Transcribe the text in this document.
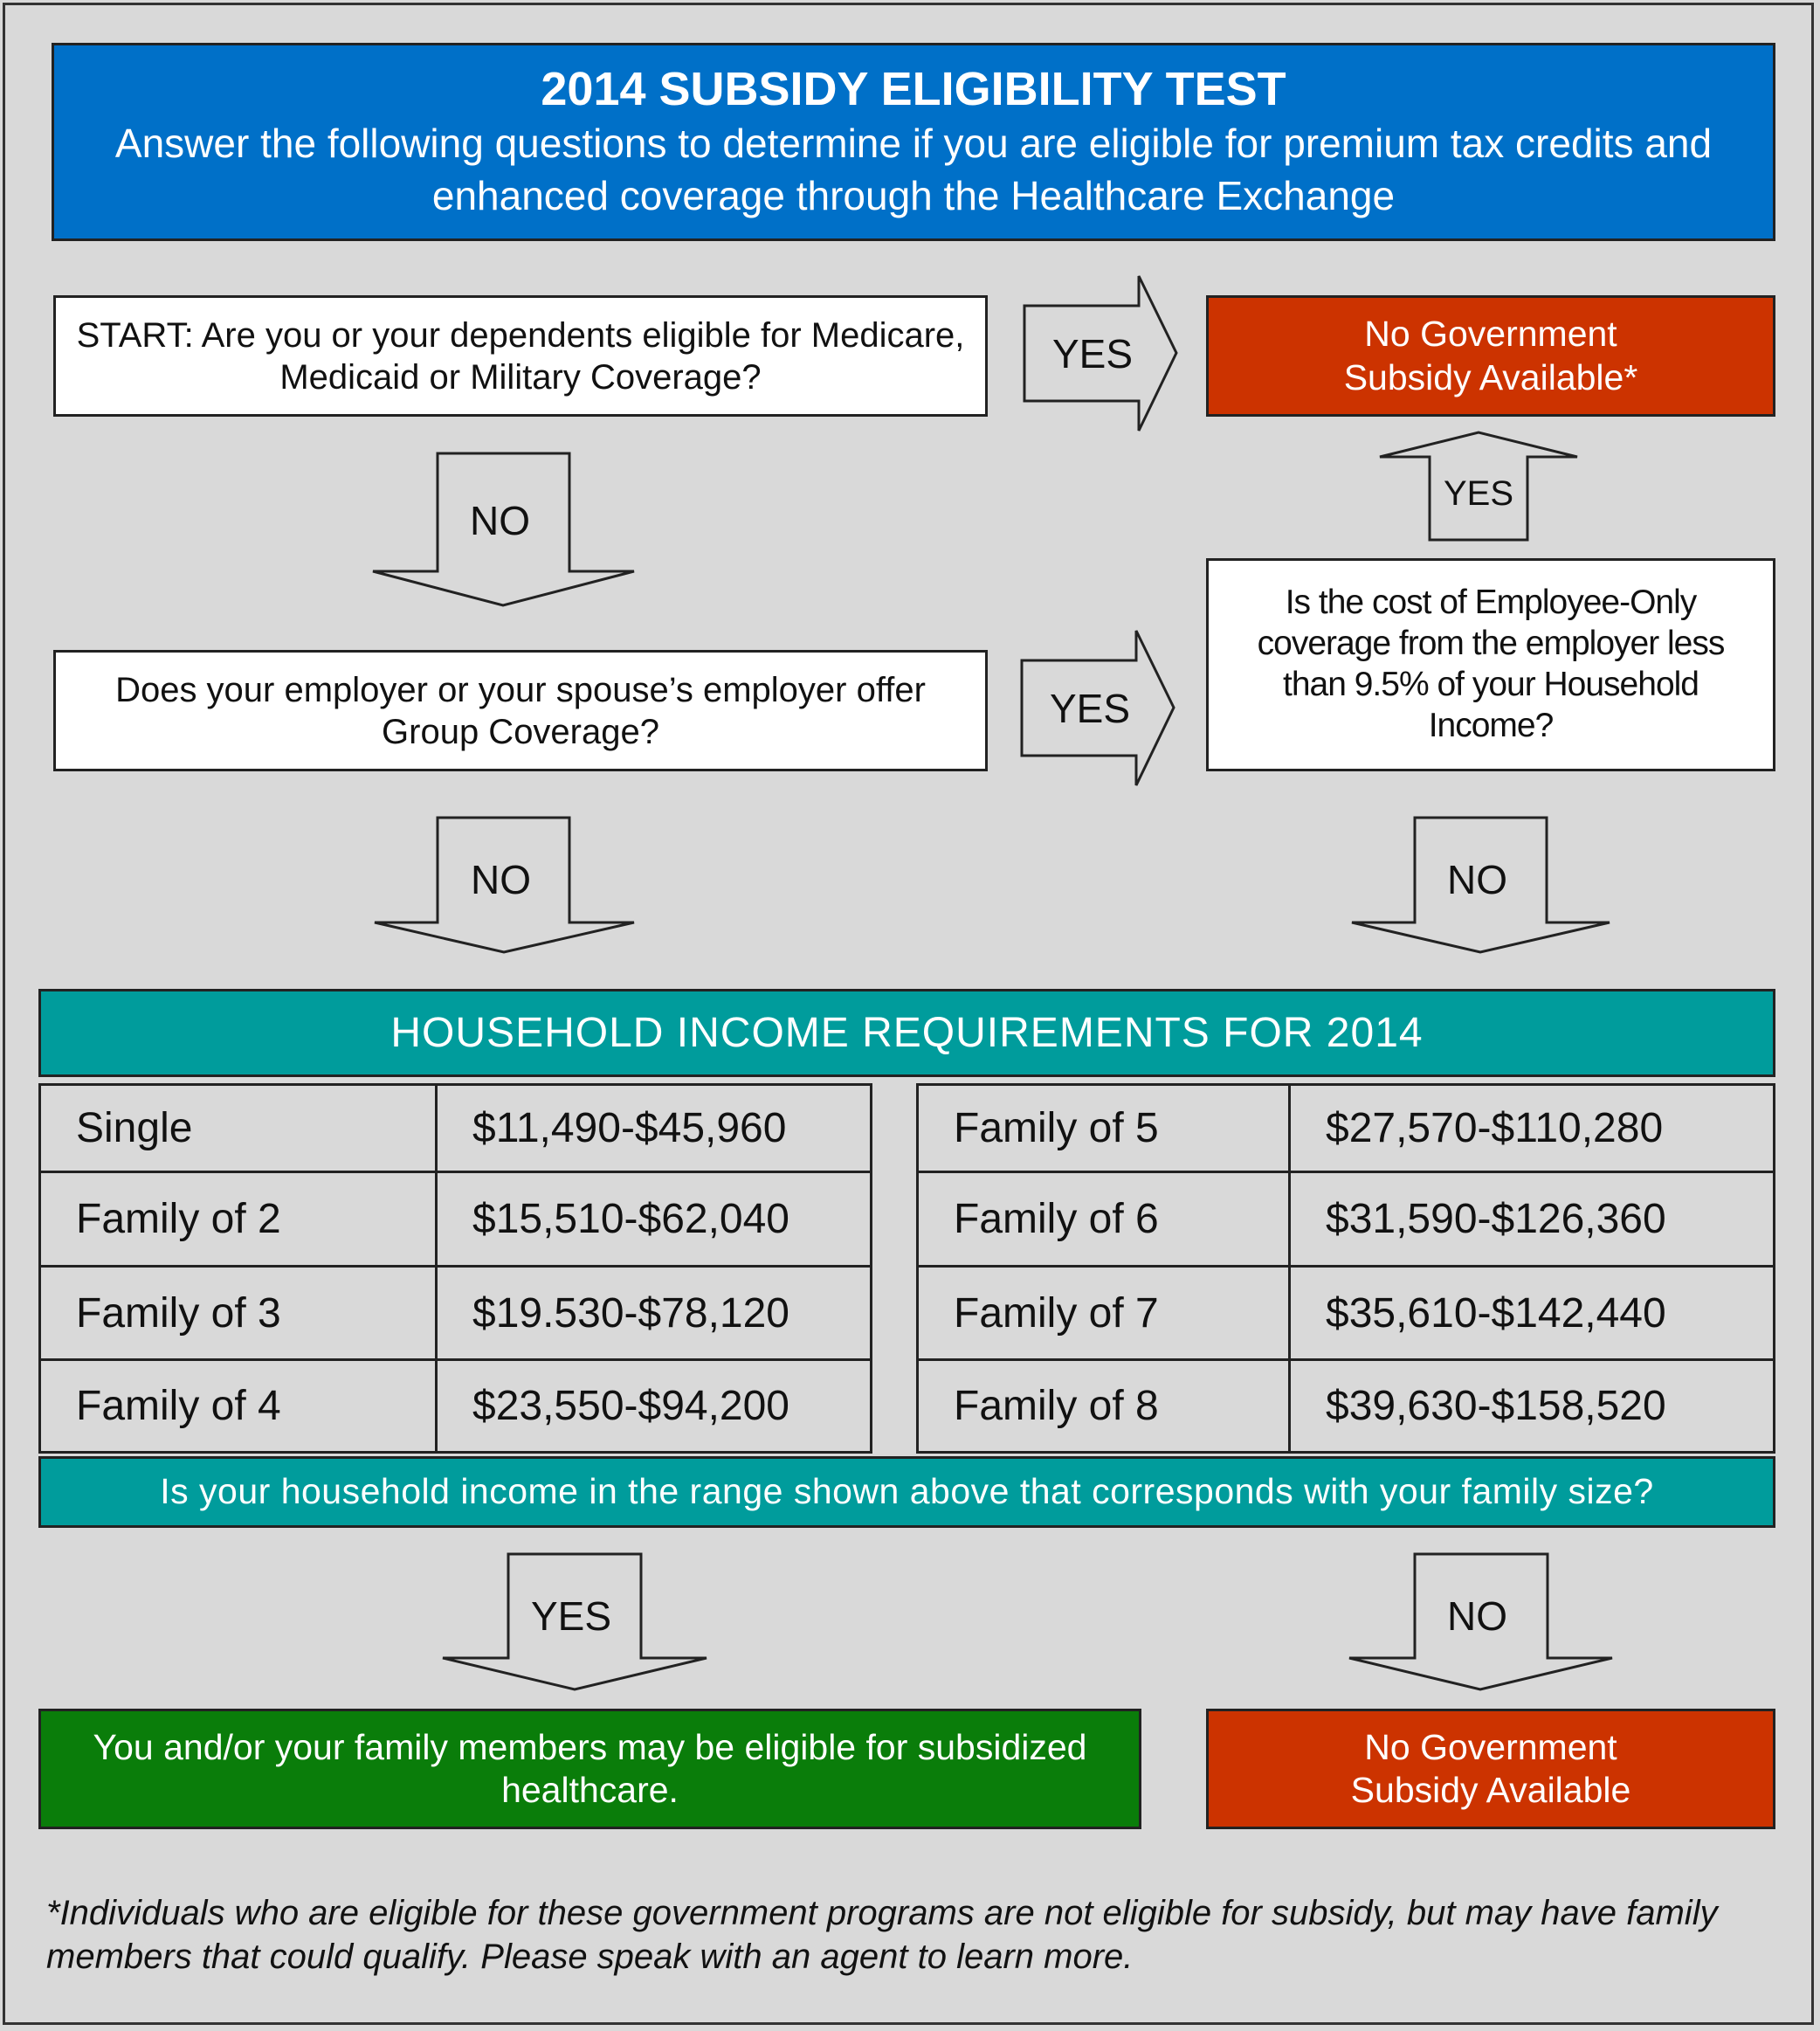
2014 SUBSIDY ELIGIBILITY TEST
Answer the following questions to determine if you are eligible for premium tax credits and enhanced coverage through the Healthcare Exchange
START: Are you or your dependents eligible for Medicare, Medicaid or Military Coverage?
No Government Subsidy Available*
Does your employer or your spouse’s employer offer Group Coverage?
Is the cost of Employee-Only coverage from the employer less than 9.5% of your Household Income?
YES
YES
YES
NO
NO	NO
HOUSEHOLD INCOME REQUIREMENTS FOR 2014
Single	$11,490-$45,960
Family of 2	$15,510-$62,040
Family of 3	$19.530-$78,120
Family of 4	$23,550-$94,200
Family of 5	$27,570-$110,280
Family of 6	$31,590-$126,360
Family of 7	$35,610-$142,440
Family of 8	$39,630-$158,520
Is your household income in the range shown above that corresponds with your family size?
YES	NO
You and/or your family members may be eligible for subsidized healthcare.
No Government Subsidy Available
*Individuals who are eligible for these government programs are not eligible for subsidy, but may have family members that could qualify. Please speak with an agent to learn more.
